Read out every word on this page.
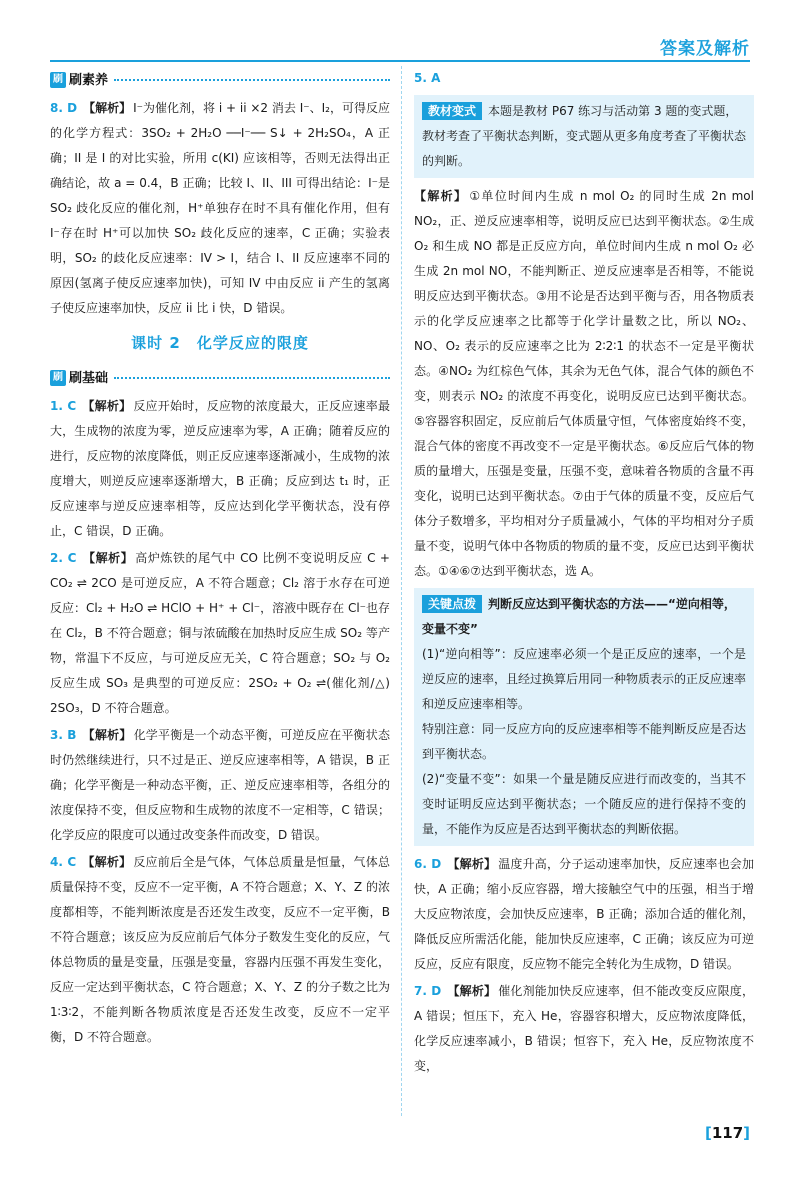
答案及解析
刷 刷素养
8. D 【解析】 I⁻为催化剂，将 i + ii ×2 消去 I⁻、I₂，可得反应的化学方程式：3SO₂ + 2H₂O ──I⁻── S↓ + 2H₂SO₄，A 正确；II 是 I 的对比实验，所用 c(KI) 应该相等，否则无法得出正确结论，故 a = 0.4，B 正确；比较 I、II、III 可得出结论：I⁻是 SO₂ 歧化反应的催化剂，H⁺单独存在时不具有催化作用，但有 I⁻存在时 H⁺可以加快 SO₂ 歧化反应的速率，C 正确；实验表明，SO₂ 的歧化反应速率：IV > I，结合 I、II 反应速率不同的原因(氢离子使反应速率加快)，可知 IV 中由反应 ii 产生的氢离子使反应速率加快，反应 ii 比 i 快，D 错误。
课时 2　化学反应的限度
刷 刷基础
1. C 【解析】 反应开始时，反应物的浓度最大，正反应速率最大，生成物的浓度为零，逆反应速率为零，A 正确；随着反应的进行，反应物的浓度降低，则正反应速率逐渐减小，生成物的浓度增大，则逆反应速率逐渐增大，B 正确；反应到达 t₁ 时，正反应速率与逆反应速率相等，反应达到化学平衡状态，没有停止，C 错误，D 正确。
2. C 【解析】 高炉炼铁的尾气中 CO 比例不变说明反应 C + CO₂ ⇌ 2CO 是可逆反应，A 不符合题意；Cl₂ 溶于水存在可逆反应：Cl₂ + H₂O ⇌ HClO + H⁺ + Cl⁻，溶液中既存在 Cl⁻也存在 Cl₂，B 不符合题意；铜与浓硫酸在加热时反应生成 SO₂ 等产物，常温下不反应，与可逆反应无关，C 符合题意；SO₂ 与 O₂ 反应生成 SO₃ 是典型的可逆反应：2SO₂ + O₂ ⇌(催化剂/△) 2SO₃，D 不符合题意。
3. B 【解析】 化学平衡是一个动态平衡，可逆反应在平衡状态时仍然继续进行，只不过是正、逆反应速率相等，A 错误，B 正确；化学平衡是一种动态平衡，正、逆反应速率相等，各组分的浓度保持不变，但反应物和生成物的浓度不一定相等，C 错误；化学反应的限度可以通过改变条件而改变，D 错误。
4. C 【解析】 反应前后全是气体，气体总质量是恒量，气体总质量保持不变，反应不一定平衡，A 不符合题意；X、Y、Z 的浓度都相等，不能判断浓度是否还发生改变，反应不一定平衡，B 不符合题意；该反应为反应前后气体分子数发生变化的反应，气体总物质的量是变量，压强是变量，容器内压强不再发生变化，反应一定达到平衡状态，C 符合题意；X、Y、Z 的分子数之比为 1∶3∶2，不能判断各物质浓度是否还发生改变，反应不一定平衡，D 不符合题意。
5. A
教材变式 本题是教材 P67 练习与活动第 3 题的变式题，教材考查了平衡状态判断，变式题从更多角度考查了平衡状态的判断。
【解析】 ①单位时间内生成 n mol O₂ 的同时生成 2n mol NO₂，正、逆反应速率相等，说明反应已达到平衡状态。②生成 O₂ 和生成 NO 都是正反应方向，单位时间内生成 n mol O₂ 必生成 2n mol NO，不能判断正、逆反应速率是否相等，不能说明反应达到平衡状态。③用不论是否达到平衡与否，用各物质表示的化学反应速率之比都等于化学计量数之比，所以 NO₂、NO、O₂ 表示的反应速率之比为 2∶2∶1 的状态不一定是平衡状态。④NO₂ 为红棕色气体，其余为无色气体，混合气体的颜色不变，则表示 NO₂ 的浓度不再变化，说明反应已达到平衡状态。⑤容器容积固定，反应前后气体质量守恒，气体密度始终不变，混合气体的密度不再改变不一定是平衡状态。⑥反应后气体的物质的量增大，压强是变量，压强不变，意味着各物质的含量不再变化，说明已达到平衡状态。⑦由于气体的质量不变，反应后气体分子数增多，平均相对分子质量减小，气体的平均相对分子质量不变，说明气体中各物质的物质的量不变，反应已达到平衡状态。①④⑥⑦达到平衡状态，选 A。
关键点拨 判断反应达到平衡状态的方法——“逆向相等，变量不变”
(1)“逆向相等”：反应速率必须一个是正反应的速率，一个是逆反应的速率，且经过换算后用同一种物质表示的正反应速率和逆反应速率相等。
特别注意：同一反应方向的反应速率相等不能判断反应是否达到平衡状态。
(2)“变量不变”：如果一个量是随反应进行而改变的，当其不变时证明反应达到平衡状态；一个随反应的进行保持不变的量，不能作为反应是否达到平衡状态的判断依据。
6. D 【解析】 温度升高，分子运动速率加快，反应速率也会加快，A 正确；缩小反应容器，增大接触空气中的压强，相当于增大反应物浓度，会加快反应速率，B 正确；添加合适的催化剂，降低反应所需活化能，能加快反应速率，C 正确；该反应为可逆反应，反应有限度，反应物不能完全转化为生成物，D 错误。
7. D 【解析】 催化剂能加快反应速率，但不能改变反应限度，A 错误；恒压下，充入 He，容器容积增大，反应物浓度降低，化学反应速率减小，B 错误；恒容下，充入 He，反应物浓度不变，
[117]
